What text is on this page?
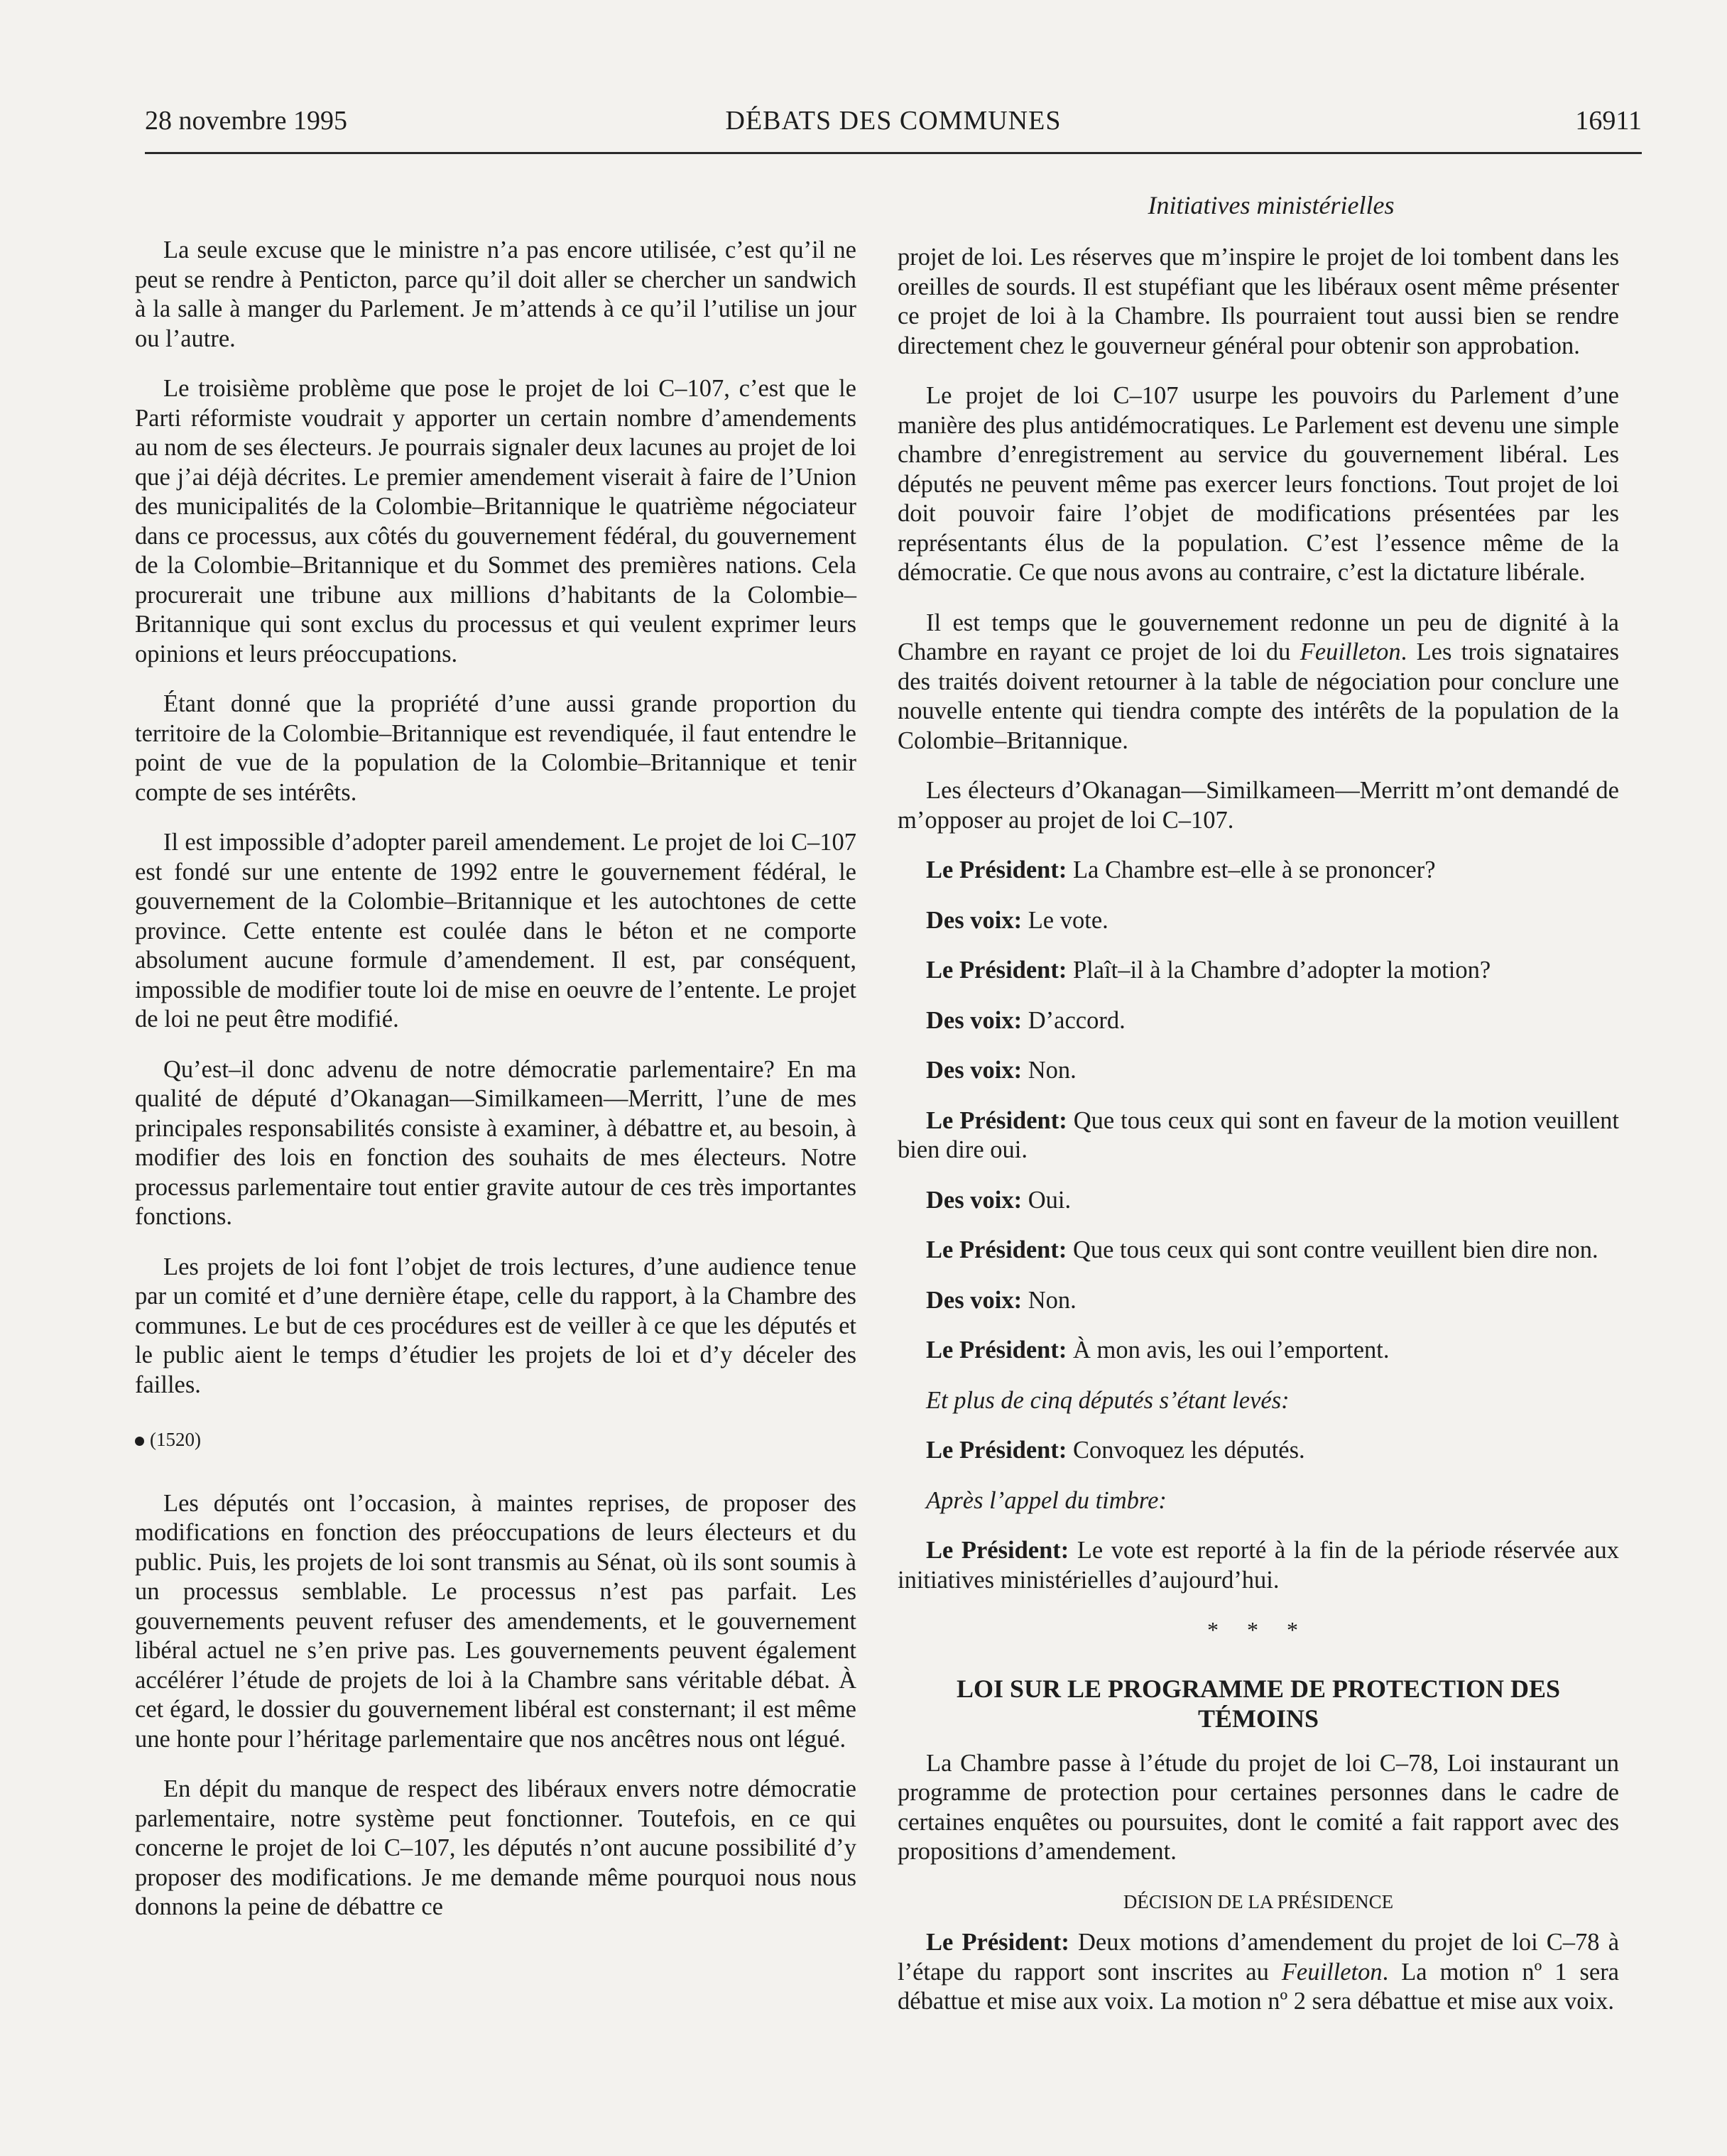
28 novembre 1995	DÉBATS DES COMMUNES	16911
Initiatives ministérielles

La seule excuse que le ministre n’a pas encore utilisée, c’est qu’il ne peut se rendre à Penticton, parce qu’il doit aller se chercher un sandwich à la salle à manger du Parlement. Je m’attends à ce qu’il l’utilise un jour ou l’autre.

Le troisième problème que pose le projet de loi C–107, c’est que le Parti réformiste voudrait y apporter un certain nombre d’amendements au nom de ses électeurs. Je pourrais signaler deux lacunes au projet de loi que j’ai déjà décrites. Le premier amendement viserait à faire de l’Union des municipalités de la Colombie–Britannique le quatrième négociateur dans ce processus, aux côtés du gouvernement fédéral, du gouvernement de la Colombie–Britannique et du Sommet des premières nations. Cela procurerait une tribune aux millions d’habitants de la Colombie–Britannique qui sont exclus du processus et qui veulent exprimer leurs opinions et leurs préoccupations.

Étant donné que la propriété d’une aussi grande proportion du territoire de la Colombie–Britannique est revendiquée, il faut entendre le point de vue de la population de la Colombie–Britannique et tenir compte de ses intérêts.

Il est impossible d’adopter pareil amendement. Le projet de loi C–107 est fondé sur une entente de 1992 entre le gouvernement fédéral, le gouvernement de la Colombie–Britannique et les autochtones de cette province. Cette entente est coulée dans le béton et ne comporte absolument aucune formule d’amendement. Il est, par conséquent, impossible de modifier toute loi de mise en oeuvre de l’entente. Le projet de loi ne peut être modifié.

Qu’est–il donc advenu de notre démocratie parlementaire? En ma qualité de député d’Okanagan—Similkameen—Merritt, l’une de mes principales responsabilités consiste à examiner, à débattre et, au besoin, à modifier des lois en fonction des souhaits de mes électeurs. Notre processus parlementaire tout entier gravite autour de ces très importantes fonctions.

Les projets de loi font l’objet de trois lectures, d’une audience tenue par un comité et d’une dernière étape, celle du rapport, à la Chambre des communes. Le but de ces procédures est de veiller à ce que les députés et le public aient le temps d’étudier les projets de loi et d’y déceler des failles.

(1520)

Les députés ont l’occasion, à maintes reprises, de proposer des modifications en fonction des préoccupations de leurs électeurs et du public. Puis, les projets de loi sont transmis au Sénat, où ils sont soumis à un processus semblable. Le processus n’est pas parfait. Les gouvernements peuvent refuser des amendements, et le gouvernement libéral actuel ne s’en prive pas. Les gouvernements peuvent également accélérer l’étude de projets de loi à la Chambre sans véritable débat. À cet égard, le dossier du gouvernement libéral est consternant; il est même une honte pour l’héritage parlementaire que nos ancêtres nous ont légué.

En dépit du manque de respect des libéraux envers notre démocratie parlementaire, notre système peut fonctionner. Toutefois, en ce qui concerne le projet de loi C–107, les députés n’ont aucune possibilité d’y proposer des modifications. Je me demande même pourquoi nous nous donnons la peine de débattre ce

projet de loi. Les réserves que m’inspire le projet de loi tombent dans les oreilles de sourds. Il est stupéfiant que les libéraux osent même présenter ce projet de loi à la Chambre. Ils pourraient tout aussi bien se rendre directement chez le gouverneur général pour obtenir son approbation.

Le projet de loi C–107 usurpe les pouvoirs du Parlement d’une manière des plus antidémocratiques. Le Parlement est devenu une simple chambre d’enregistrement au service du gouvernement libéral. Les députés ne peuvent même pas exercer leurs fonctions. Tout projet de loi doit pouvoir faire l’objet de modifications présentées par les représentants élus de la population. C’est l’essence même de la démocratie. Ce que nous avons au contraire, c’est la dictature libérale.

Il est temps que le gouvernement redonne un peu de dignité à la Chambre en rayant ce projet de loi du Feuilleton. Les trois signataires des traités doivent retourner à la table de négociation pour conclure une nouvelle entente qui tiendra compte des intérêts de la population de la Colombie–Britannique.

Les électeurs d’Okanagan—Similkameen—Merritt m’ont demandé de m’opposer au projet de loi C–107.

Le Président: La Chambre est–elle à se prononcer?

Des voix: Le vote.

Le Président: Plaît–il à la Chambre d’adopter la motion?

Des voix: D’accord.

Des voix: Non.

Le Président: Que tous ceux qui sont en faveur de la motion veuillent bien dire oui.

Des voix: Oui.

Le Président: Que tous ceux qui sont contre veuillent bien dire non.

Des voix: Non.

Le Président: À mon avis, les oui l’emportent.

Et plus de cinq députés s’étant levés:

Le Président: Convoquez les députés.

Après l’appel du timbre:

Le Président: Le vote est reporté à la fin de la période réservée aux initiatives ministérielles d’aujourd’hui.

* * *
LOI SUR LE PROGRAMME DE PROTECTION DES
TÉMOINS

La Chambre passe à l’étude du projet de loi C–78, Loi instaurant un programme de protection pour certaines personnes dans le cadre de certaines enquêtes ou poursuites, dont le comité a fait rapport avec des propositions d’amendement.

DÉCISION DE LA PRÉSIDENCE

Le Président: Deux motions d’amendement du projet de loi C–78 à l’étape du rapport sont inscrites au Feuilleton. La motion nº 1 sera débattue et mise aux voix. La motion nº 2 sera débattue et mise aux voix.
